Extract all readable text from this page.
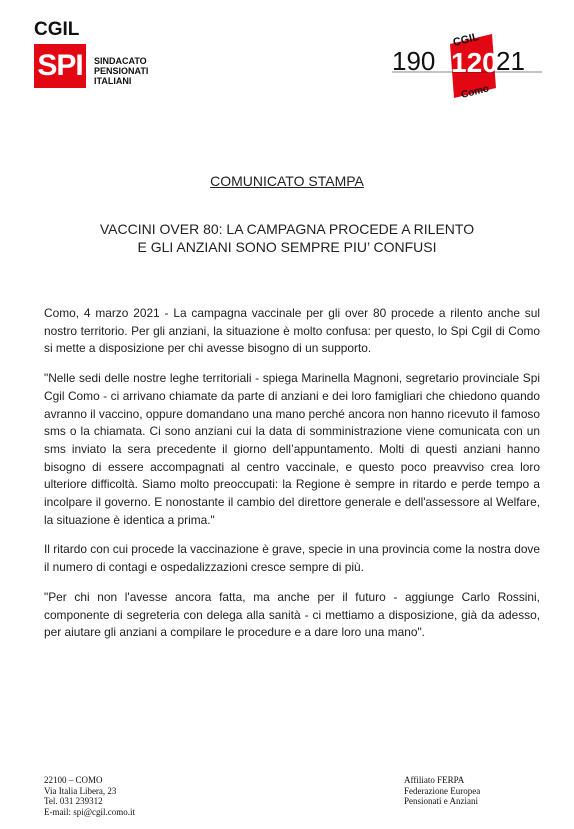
CGIL
SPI	SINDACATO
PENSIONATI
ITALIANI
CGIL
190 120
21
Como
COMUNICATO STAMPA
VACCINI OVER 80: LA CAMPAGNA PROCEDE A RILENTO
E GLI ANZIANI SONO SEMPRE PIU’ CONFUSI

Como, 4 marzo 2021 - La campagna vaccinale per gli over 80 procede a rilento anche sul nostro territorio. Per gli anziani, la situazione è molto confusa: per questo, lo Spi Cgil di Como si mette a disposizione per chi avesse bisogno di un supporto.

"Nelle sedi delle nostre leghe territoriali - spiega Marinella Magnoni, segretario provinciale Spi Cgil Como - ci arrivano chiamate da parte di anziani e dei loro famigliari che chiedono quando avranno il vaccino, oppure domandano una mano perché ancora non hanno ricevuto il famoso sms o la chiamata. Ci sono anziani cui la data di somministrazione viene comunicata con un sms inviato la sera precedente il giorno dell’appuntamento. Molti di questi anziani hanno bisogno di essere accompagnati al centro vaccinale, e questo poco preavviso crea loro ulteriore difficoltà. Siamo molto preoccupati: la Regione è sempre in ritardo e perde tempo a incolpare il governo. E nonostante il cambio del direttore generale e dell'assessore al Welfare, la situazione è identica a prima."

Il ritardo con cui procede la vaccinazione è grave, specie in una provincia come la nostra dove il numero di contagi e ospedalizzazioni cresce sempre di più.

"Per chi non l'avesse ancora fatta, ma anche per il futuro - aggiunge Carlo Rossini, componente di segreteria con delega alla sanità - ci mettiamo a disposizione, già da adesso, per aiutare gli anziani a compilare le procedure e a dare loro una mano".

22100 – COMO
Via Italia Libera, 23
Tel. 031 239312
E-mail: spi@cgil.como.it
Affiliato FERPA
Federazione Europea
Pensionati e Anziani
